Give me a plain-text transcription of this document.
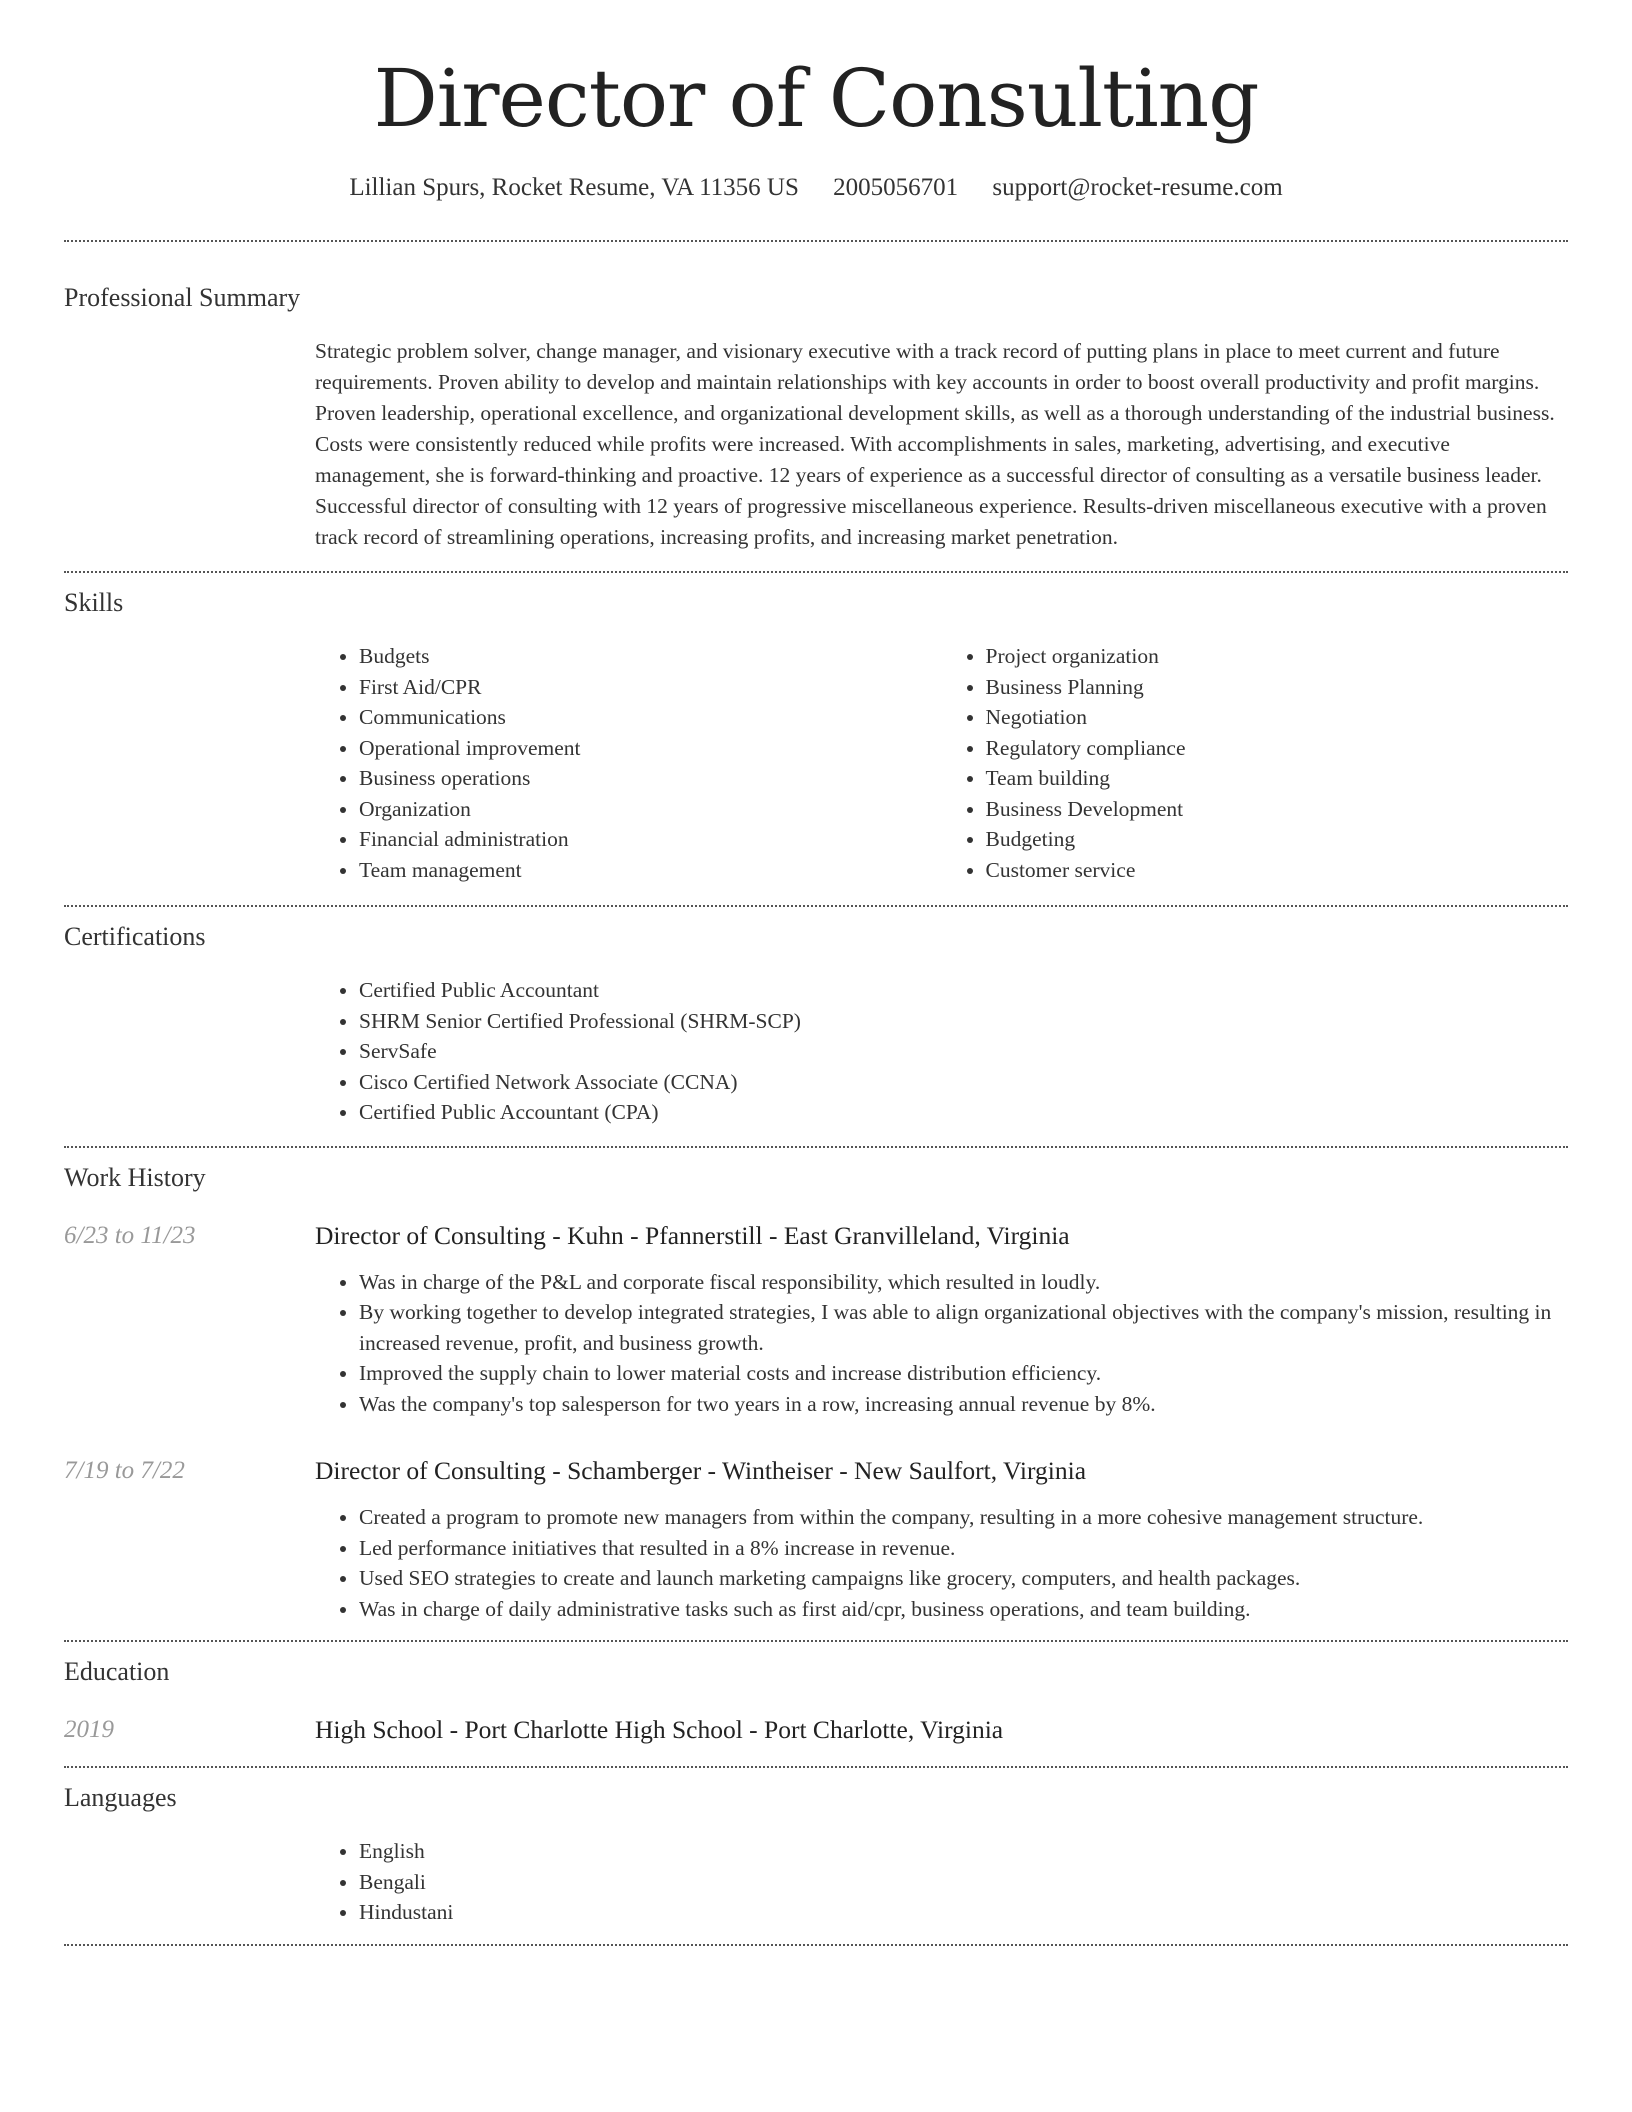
Director of Consulting
Lillian Spurs, Rocket Resume, VA 11356 US 2005056701 support@rocket-resume.com
Professional Summary
Strategic problem solver, change manager, and visionary executive with a track record of putting plans in place to meet current and future requirements. Proven ability to develop and maintain relationships with key accounts in order to boost overall productivity and profit margins. Proven leadership, operational excellence, and organizational development skills, as well as a thorough understanding of the industrial business. Costs were consistently reduced while profits were increased. With accomplishments in sales, marketing, advertising, and executive management, she is forward-thinking and proactive. 12 years of experience as a successful director of consulting as a versatile business leader. Successful director of consulting with 12 years of progressive miscellaneous experience. Results-driven miscellaneous executive with a proven track record of streamlining operations, increasing profits, and increasing market penetration.
Skills
• Budgets
• First Aid/CPR
• Communications
• Operational improvement
• Business operations
• Organization
• Financial administration
• Team management
• Project organization
• Business Planning
• Negotiation
• Regulatory compliance
• Team building
• Business Development
• Budgeting
• Customer service
Certifications
• Certified Public Accountant
• SHRM Senior Certified Professional (SHRM-SCP)
• ServSafe
• Cisco Certified Network Associate (CCNA)
• Certified Public Accountant (CPA)
Work History
6/23 to 11/23	Director of Consulting - Kuhn - Pfannerstill - East Granvilleland, Virginia
• Was in charge of the P&L and corporate fiscal responsibility, which resulted in loudly.
• By working together to develop integrated strategies, I was able to align organizational objectives with the company's mission, resulting in increased revenue, profit, and business growth.
• Improved the supply chain to lower material costs and increase distribution efficiency.
• Was the company's top salesperson for two years in a row, increasing annual revenue by 8%.
7/19 to 7/22	Director of Consulting - Schamberger - Wintheiser - New Saulfort, Virginia
• Created a program to promote new managers from within the company, resulting in a more cohesive management structure.
• Led performance initiatives that resulted in a 8% increase in revenue.
• Used SEO strategies to create and launch marketing campaigns like grocery, computers, and health packages.
• Was in charge of daily administrative tasks such as first aid/cpr, business operations, and team building.
Education
2019	High School - Port Charlotte High School - Port Charlotte, Virginia
Languages
• English
• Bengali
• Hindustani
